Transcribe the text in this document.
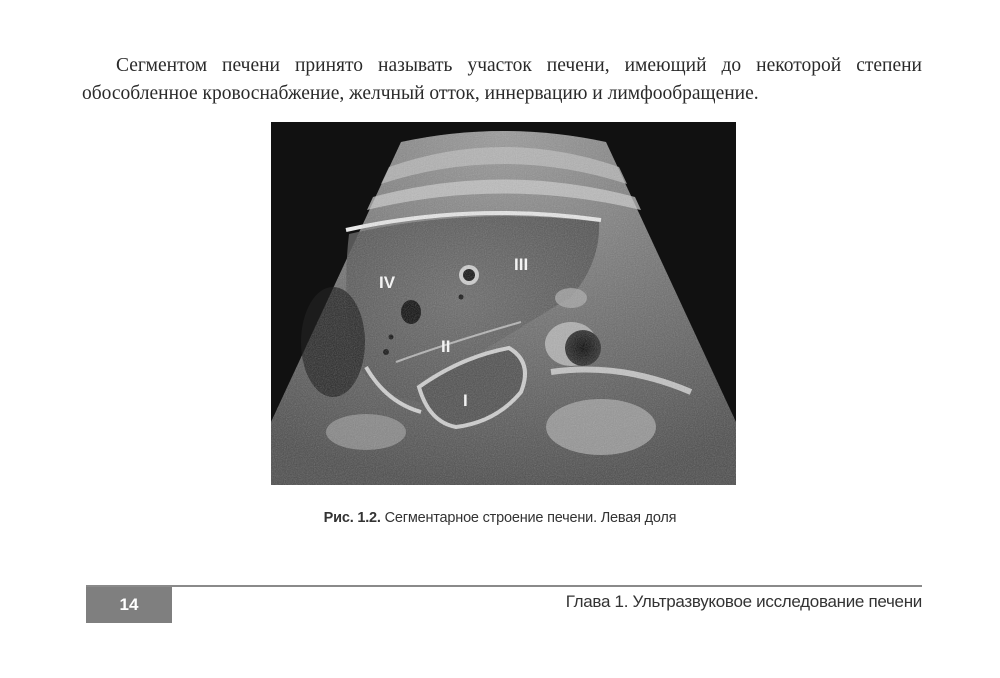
Сегментом печени принято называть участок печени, имеющий до некоторой степени обособленное кровоснабжение, желчный отток, иннервацию и лимфообращение.
IV
III
II
I
Рис. 1.2. Сегментарное строение печени. Левая доля
14	Глава 1. Ультразвуковое исследование печени
